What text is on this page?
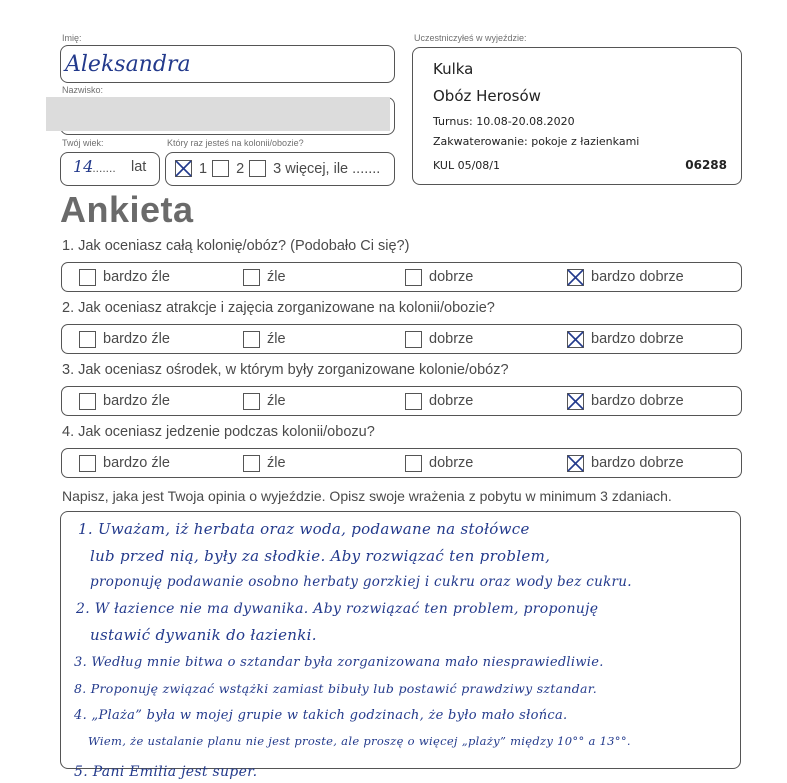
Imię:
Aleksandra
Nazwisko:
Twój wiek:
14
........ lat
Który raz jesteś na kolonii/obozie?
1 2 3 więcej, ile .......
Uczestniczyłeś w wyjeździe:
Kulka
Obóz Herosów
Turnus: 10.08-20.08.2020
Zakwaterowanie: pokoje z łazienkami
KUL 05/08/1	06288
Ankieta
1. Jak oceniasz całą kolonię/obóz? (Podobało Ci się?)
bardzo źle	źle	dobrze	bardzo dobrze
2. Jak oceniasz atrakcje i zajęcia zorganizowane na kolonii/obozie?
bardzo źle	źle	dobrze	bardzo dobrze
3. Jak oceniasz ośrodek, w którym były zorganizowane kolonie/obóz?
bardzo źle	źle	dobrze	bardzo dobrze
4. Jak oceniasz jedzenie podczas kolonii/obozu?
bardzo źle	źle	dobrze	bardzo dobrze
Napisz, jaka jest Twoja opinia o wyjeździe. Opisz swoje wrażenia z pobytu w minimum 3 zdaniach.
1. Uważam, iż herbata oraz woda, podawane na stołówce
lub przed nią, były za słodkie. Aby rozwiązać ten problem,
proponuję podawanie osobno herbaty gorzkiej i cukru oraz wody bez cukru.
2. W łazience nie ma dywanika. Aby rozwiązać ten problem, proponuję
ustawić dywanik do łazienki.
3. Według mnie bitwa o sztandar była zorganizowana mało niesprawiedliwie.
8. Proponuję związać wstążki zamiast bibuły lub postawić prawdziwy sztandar.
4. „Plaża” była w mojej grupie w takich godzinach, że było mało słońca.
Wiem, że ustalanie planu nie jest proste, ale proszę o więcej „plaży” między 10°° a 13°°.
5. Pani Emilia jest super.
